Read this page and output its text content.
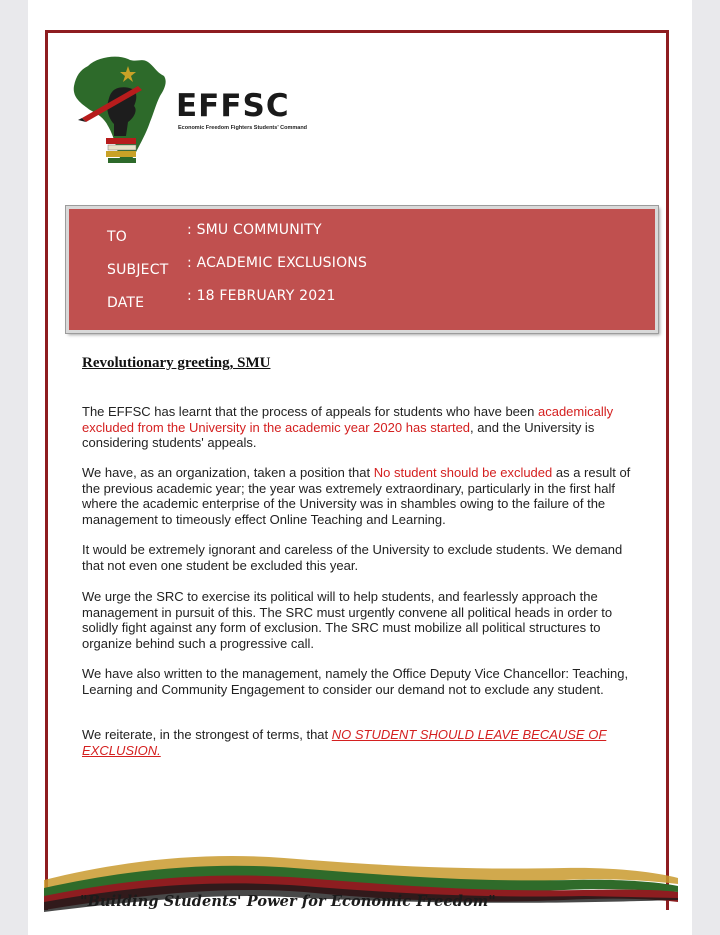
EFFSC
Economic Freedom Fighters Students' Command
TO	: SMU COMMUNITY
SUBJECT : ACADEMIC EXCLUSIONS
DATE	: 18 FEBRUARY 2021
Revolutionary greeting, SMU

The EFFSC has learnt that the process of appeals for students who have been academically excluded from the University in the academic year 2020 has started, and the University is considering students' appeals.

We have, as an organization, taken a position that No student should be excluded as a result of the previous academic year; the year was extremely extraordinary, particularly in the first half where the academic enterprise of the University was in shambles owing to the failure of the management to timeously effect Online Teaching and Learning.

It would be extremely ignorant and careless of the University to exclude students. We demand that not even one student be excluded this year.

We urge the SRC to exercise its political will to help students, and fearlessly approach the management in pursuit of this. The SRC must urgently convene all political heads in order to solidly fight against any form of exclusion. The SRC must mobilize all political structures to organize behind such a progressive call.

We have also written to the management, namely the Office Deputy Vice Chancellor: Teaching, Learning and Community Engagement to consider our demand not to exclude any student.

We reiterate, in the strongest of terms, that NO STUDENT SHOULD LEAVE BECAUSE OF EXCLUSION.

"Building Students' Power for Economic Freedom"
